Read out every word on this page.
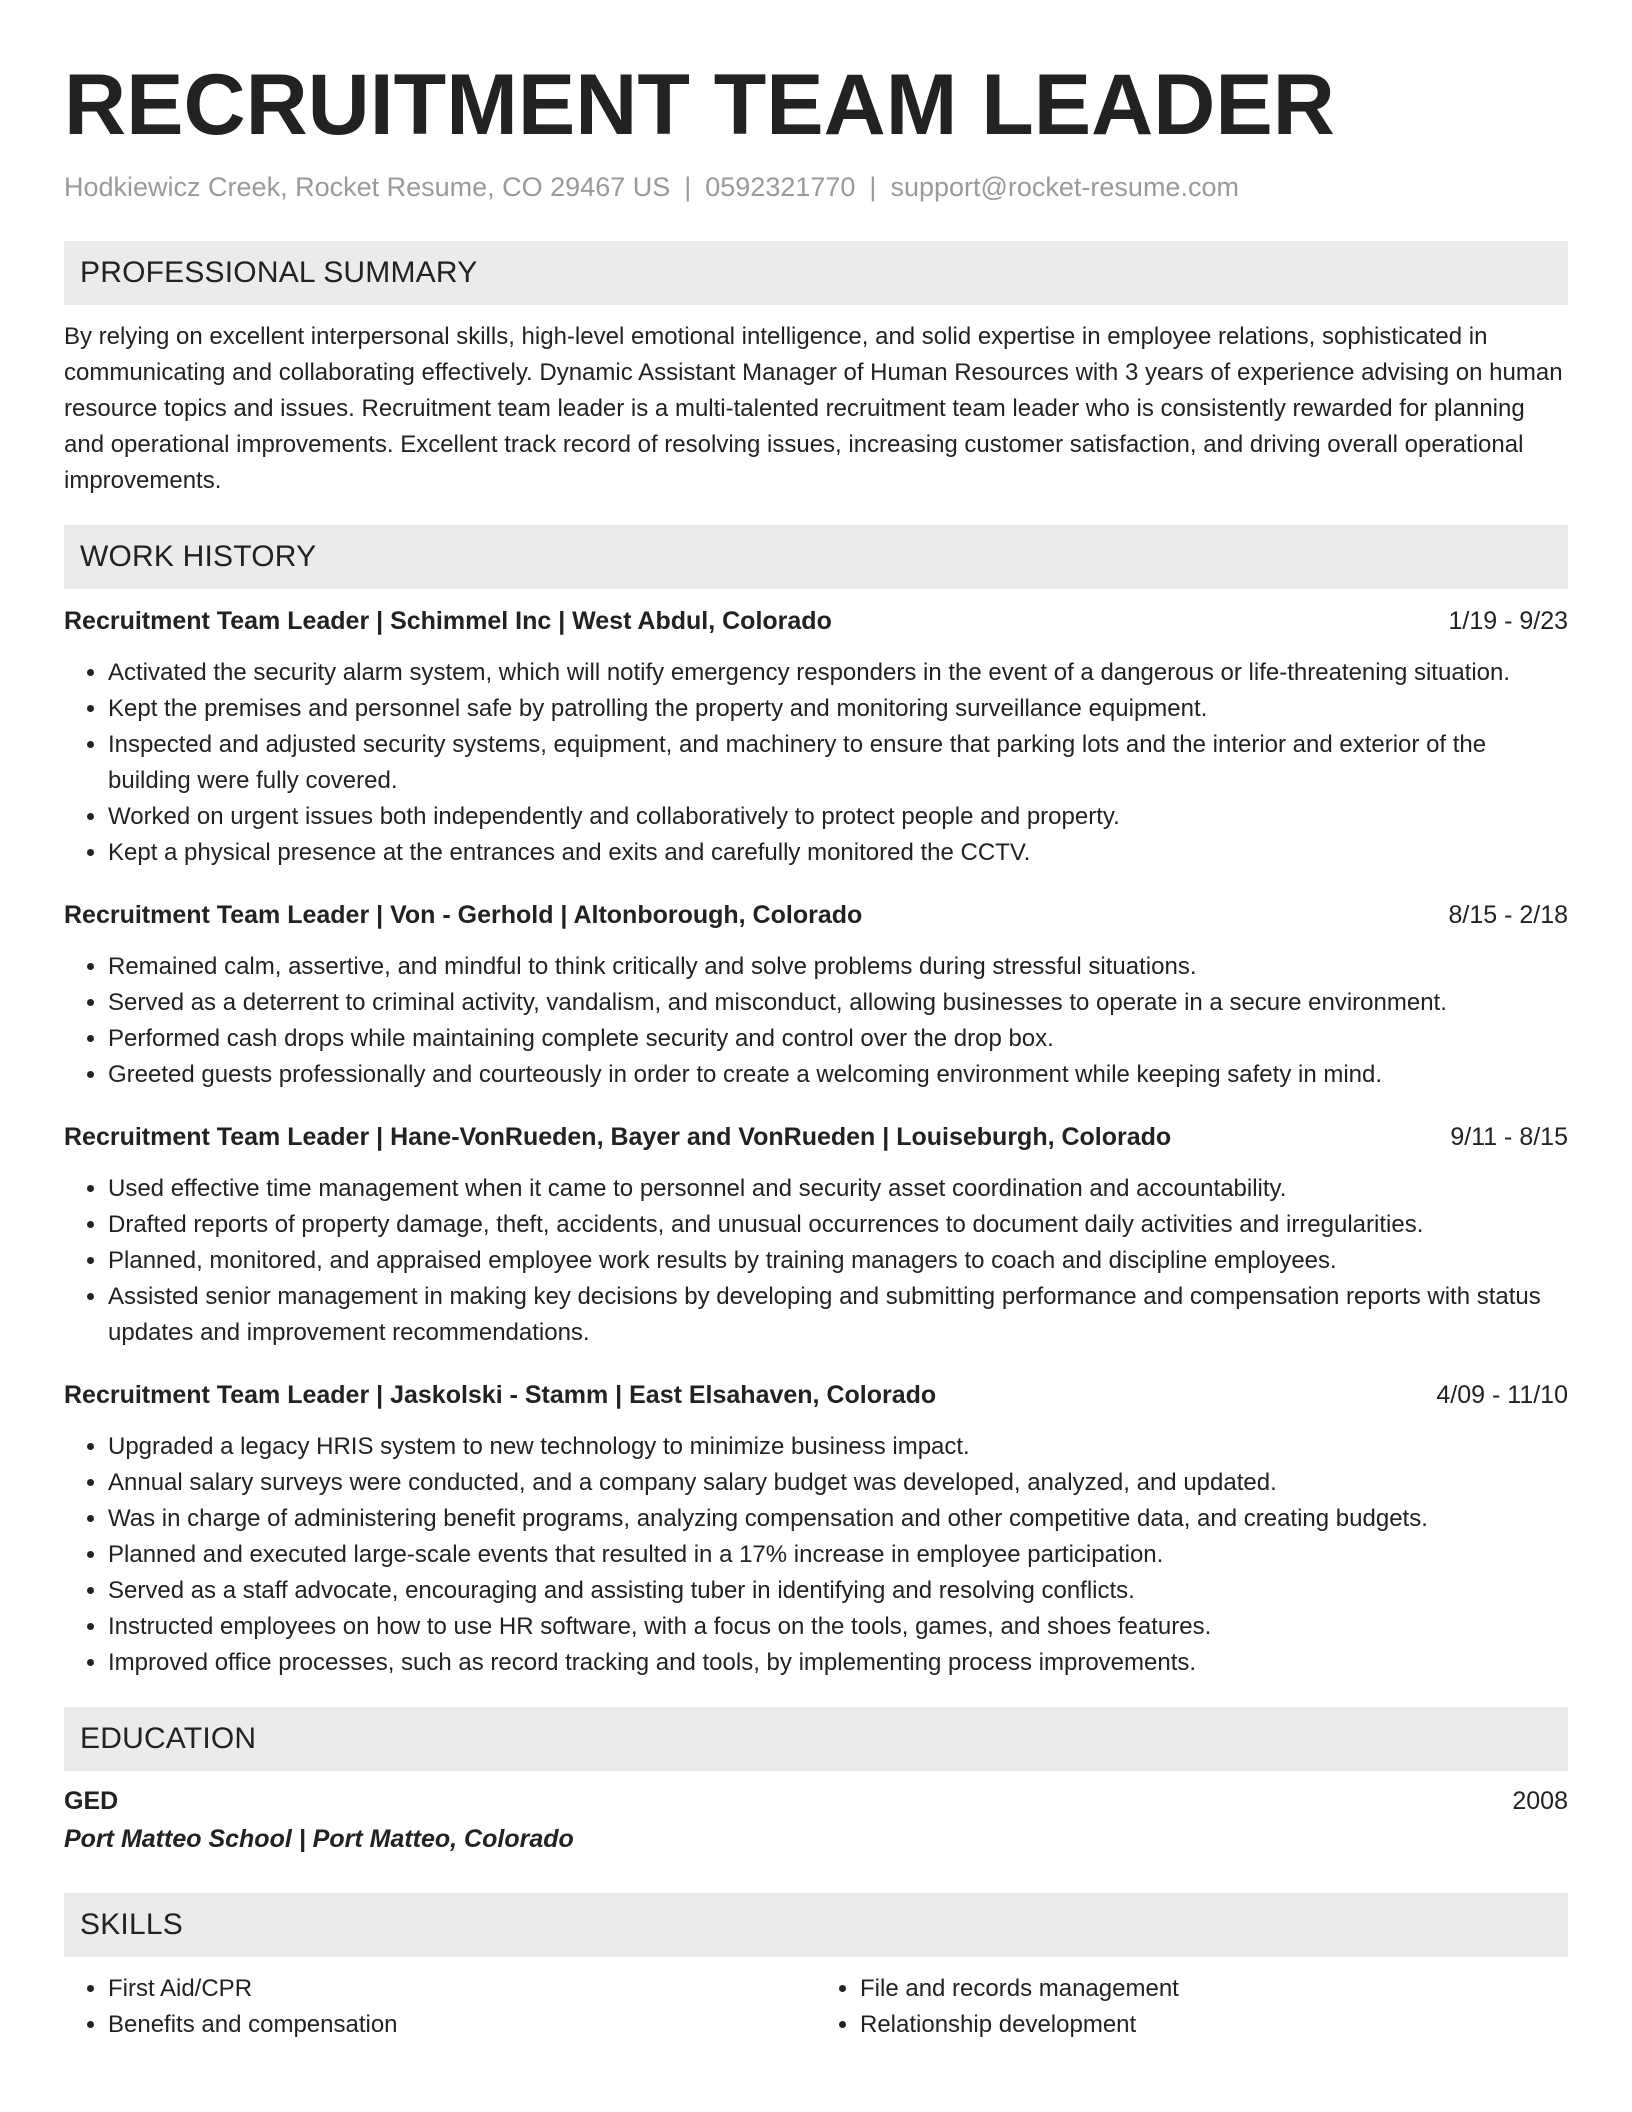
RECRUITMENT TEAM LEADER
Hodkiewicz Creek, Rocket Resume, CO 29467 US | 0592321770 | support@rocket-resume.com
PROFESSIONAL SUMMARY

By relying on excellent interpersonal skills, high-level emotional intelligence, and solid expertise in employee relations, sophisticated in communicating and collaborating effectively. Dynamic Assistant Manager of Human Resources with 3 years of experience advising on human resource topics and issues. Recruitment team leader is a multi-talented recruitment team leader who is consistently rewarded for planning and operational improvements. Excellent track record of resolving issues, increasing customer satisfaction, and driving overall operational improvements.

WORK HISTORY
Recruitment Team Leader | Schimmel Inc | West Abdul, Colorado	1/19 - 9/23
• Activated the security alarm system, which will notify emergency responders in the event of a dangerous or life-threatening situation.
• Kept the premises and personnel safe by patrolling the property and monitoring surveillance equipment.
• Inspected and adjusted security systems, equipment, and machinery to ensure that parking lots and the interior and exterior of the building were fully covered.
• Worked on urgent issues both independently and collaboratively to protect people and property.
• Kept a physical presence at the entrances and exits and carefully monitored the CCTV.
Recruitment Team Leader | Von - Gerhold | Altonborough, Colorado	8/15 - 2/18
• Remained calm, assertive, and mindful to think critically and solve problems during stressful situations.
• Served as a deterrent to criminal activity, vandalism, and misconduct, allowing businesses to operate in a secure environment.
• Performed cash drops while maintaining complete security and control over the drop box.
• Greeted guests professionally and courteously in order to create a welcoming environment while keeping safety in mind.
Recruitment Team Leader | Hane-VonRueden, Bayer and VonRueden | Louiseburgh, Colorado	9/11 - 8/15
• Used effective time management when it came to personnel and security asset coordination and accountability.
• Drafted reports of property damage, theft, accidents, and unusual occurrences to document daily activities and irregularities.
• Planned, monitored, and appraised employee work results by training managers to coach and discipline employees.
• Assisted senior management in making key decisions by developing and submitting performance and compensation reports with status updates and improvement recommendations.
Recruitment Team Leader | Jaskolski - Stamm | East Elsahaven, Colorado	4/09 - 11/10
• Upgraded a legacy HRIS system to new technology to minimize business impact.
• Annual salary surveys were conducted, and a company salary budget was developed, analyzed, and updated.
• Was in charge of administering benefit programs, analyzing compensation and other competitive data, and creating budgets.
• Planned and executed large-scale events that resulted in a 17% increase in employee participation.
• Served as a staff advocate, encouraging and assisting tuber in identifying and resolving conflicts.
• Instructed employees on how to use HR software, with a focus on the tools, games, and shoes features.
• Improved office processes, such as record tracking and tools, by implementing process improvements.
EDUCATION
GED	2008
Port Matteo School | Port Matteo, Colorado
SKILLS
• First Aid/CPR
• Benefits and compensation
• File and records management
• Relationship development
